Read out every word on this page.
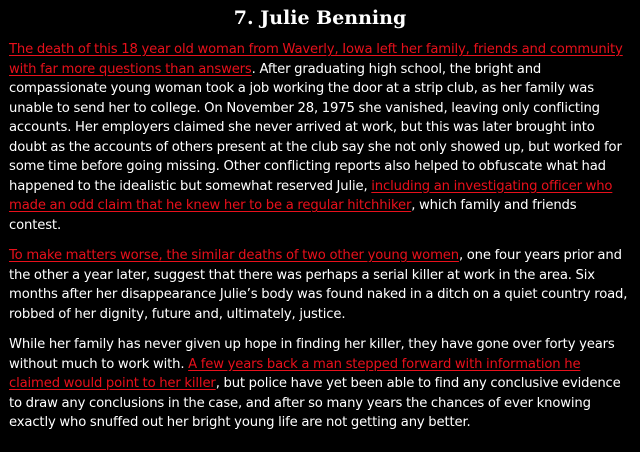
7. Julie Benning

The death of this 18 year old woman from Waverly, Iowa left her family, friends and community with far more questions than answers. After graduating high school, the bright and compassionate young woman took a job working the door at a strip club, as her family was unable to send her to college. On November 28, 1975 she vanished, leaving only conflicting accounts. Her employers claimed she never arrived at work, but this was later brought into doubt as the accounts of others present at the club say she not only showed up, but worked for some time before going missing. Other conflicting reports also helped to obfuscate what had happened to the idealistic but somewhat reserved Julie, including an investigating officer who made an odd claim that he knew her to be a regular hitchhiker, which family and friends contest.

To make matters worse, the similar deaths of two other young women, one four years prior and the other a year later, suggest that there was perhaps a serial killer at work in the area. Six months after her disappearance Julie’s body was found naked in a ditch on a quiet country road, robbed of her dignity, future and, ultimately, justice.

While her family has never given up hope in finding her killer, they have gone over forty years without much to work with. A few years back a man stepped forward with information he claimed would point to her killer, but police have yet been able to find any conclusive evidence to draw any conclusions in the case, and after so many years the chances of ever knowing exactly who snuffed out her bright young life are not getting any better.
